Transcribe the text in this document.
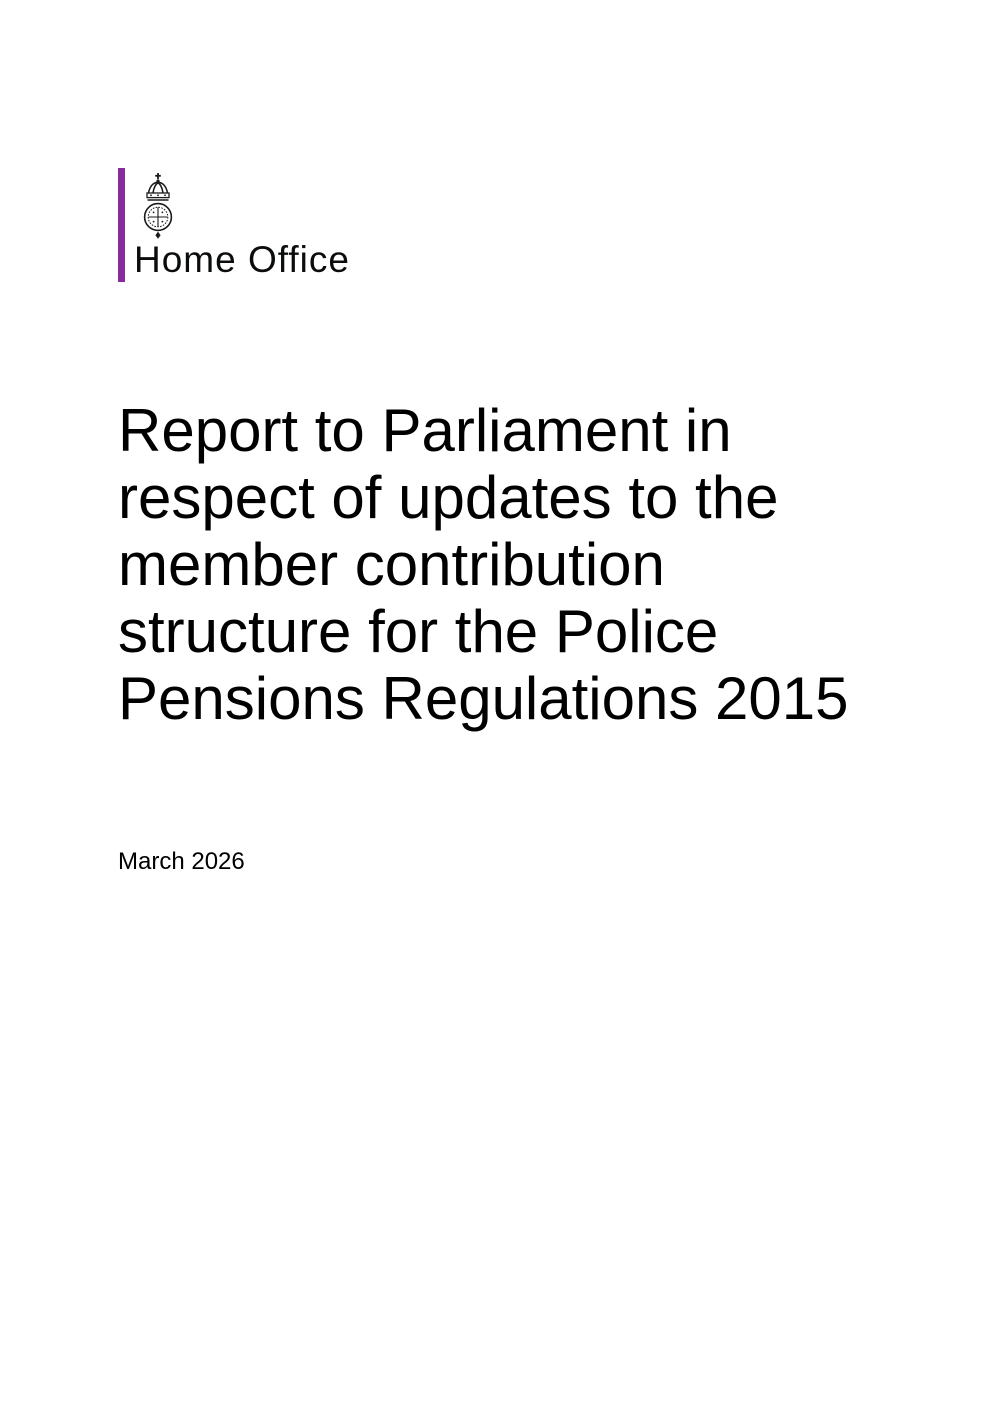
Home Office
Report to Parliament in
respect of updates to the
member contribution
structure for the Police
Pensions Regulations 2015

March 2026
